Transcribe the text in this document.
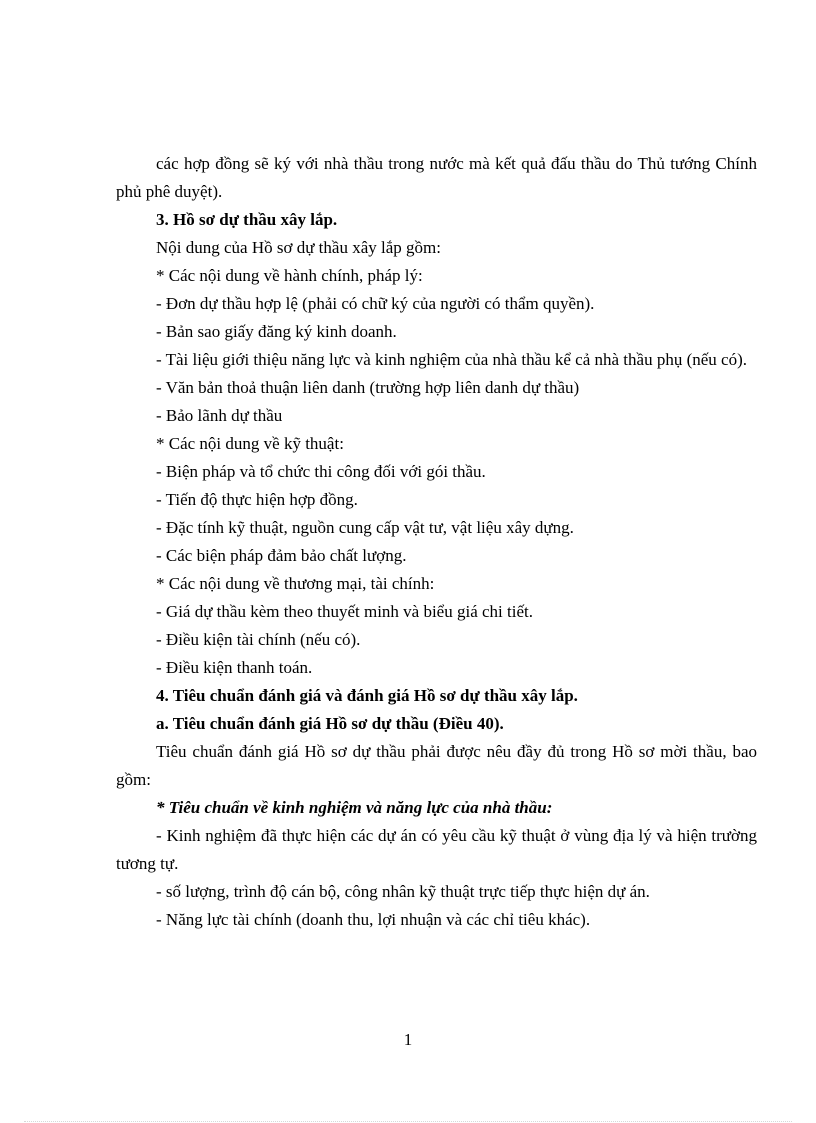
các hợp đồng sẽ ký với nhà thầu trong nước mà kết quả đấu thầu do Thủ tướng Chính phủ phê duyệt).

3. Hồ sơ dự thầu xây lắp.

Nội dung của Hồ sơ dự thầu xây lắp gồm:

* Các nội dung về hành chính, pháp lý:

- Đơn dự thầu hợp lệ (phải có chữ ký của người có thẩm quyền).

- Bản sao giấy đăng ký kinh doanh.

- Tài liệu giới thiệu năng lực và kinh nghiệm của nhà thầu kể cả nhà thầu phụ (nếu có).

- Văn bản thoả thuận liên danh (trường hợp liên danh dự thầu)

- Bảo lãnh dự thầu

* Các nội dung về kỹ thuật:

- Biện pháp và tổ chức thi công đối với gói thầu.

- Tiến độ thực hiện hợp đồng.

- Đặc tính kỹ thuật, nguồn cung cấp vật tư, vật liệu xây dựng.

- Các biện pháp đảm bảo chất lượng.

* Các nội dung về thương mại, tài chính:

- Giá dự thầu kèm theo thuyết minh và biểu giá chi tiết.

- Điều kiện tài chính (nếu có).

- Điều kiện thanh toán.

4. Tiêu chuẩn đánh giá và đánh giá Hồ sơ dự thầu xây lắp.

a. Tiêu chuẩn đánh giá Hồ sơ dự thầu (Điều 40).

Tiêu chuẩn đánh giá Hồ sơ dự thầu phải được nêu đầy đủ trong Hồ sơ mời thầu, bao gồm:

* Tiêu chuẩn về kinh nghiệm và năng lực của nhà thầu:

- Kinh nghiệm đã thực hiện các dự án có yêu cầu kỹ thuật ở vùng địa lý và hiện trường tương tự.

- số lượng, trình độ cán bộ, công nhân kỹ thuật trực tiếp thực hiện dự án.

- Năng lực tài chính (doanh thu, lợi nhuận và các chỉ tiêu khác).

1
